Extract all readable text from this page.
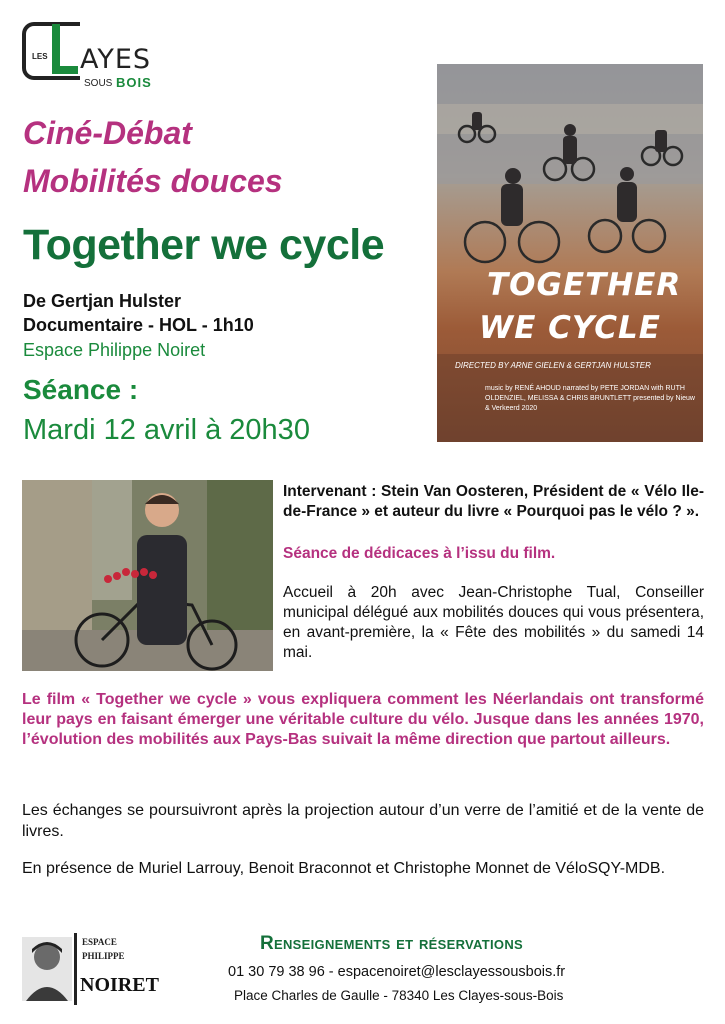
LES AYES
SOUS BOIS
Ciné-Débat
Mobilités douces
Together we cycle
De Gertjan Hulster
Documentaire - HOL - 1h10
Espace Philippe Noiret
Séance :
Mardi 12 avril à 20h30
TOGETHER
WE CYCLE
DIRECTED BY ARNE GIELEN & GERTJAN HULSTER
music by RENÉ AHOUD narrated by PETE JORDAN with RUTH OLDENZIEL, MELISSA & CHRIS BRUNTLETT presented by Nieuw & Verkeerd 2020
Intervenant : Stein Van Oosteren, Président de « Vélo Ile-de-France » et auteur du livre « Pourquoi pas le vélo ? ».
Séance de dédicaces à l’issu du film.
Accueil à 20h avec Jean-Christophe Tual, Conseiller municipal délégué aux mobilités douces qui vous présentera, en avant-première, la « Fête des mobilités » du samedi 14 mai.
Le film « Together we cycle » vous expliquera comment les Néerlandais ont transformé leur pays en faisant émerger une véritable culture du vélo. Jusque dans les années 1970, l’évolution des mobilités aux Pays-Bas suivait la même direction que partout ailleurs.
Les échanges se poursuivront après la projection autour d’un verre de l’amitié et de la vente de livres.
En présence de Muriel Larrouy, Benoit Braconnot et Christophe Monnet de VéloSQY-MDB.
ESPACE
PHILIPPE
NOIRET
Renseignements et réservations
01 30 79 38 96 - espacenoiret@lesclayessousbois.fr
Place Charles de Gaulle - 78340 Les Clayes-sous-Bois
